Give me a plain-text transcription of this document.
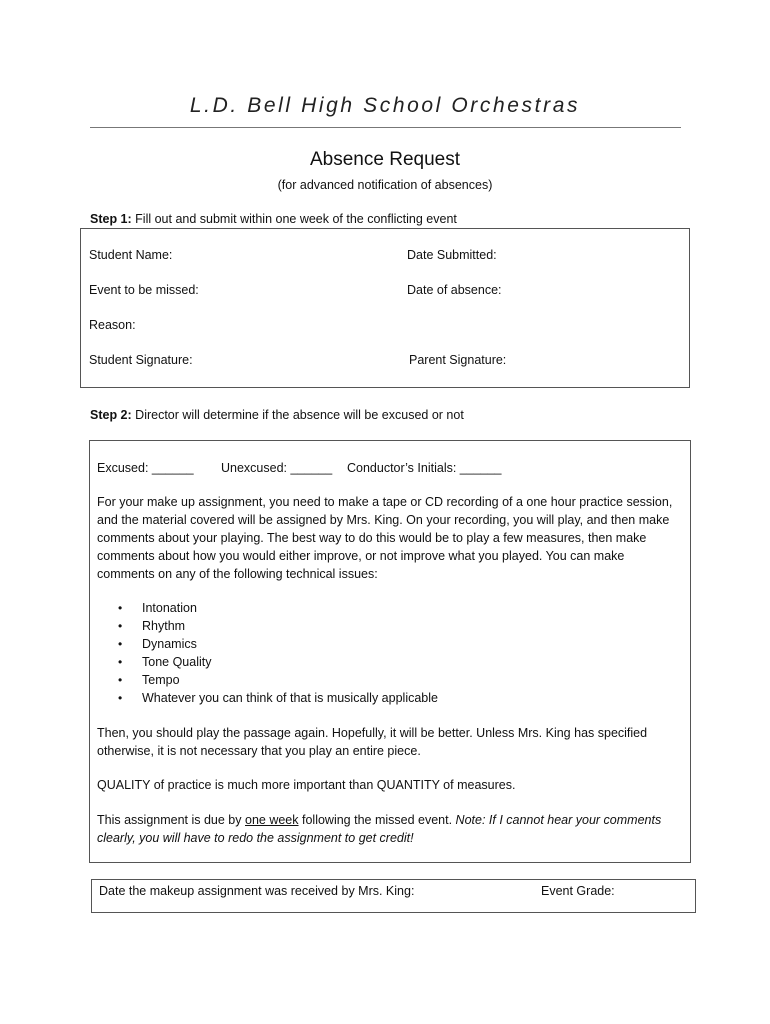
L.D. Bell High School Orchestras
Absence Request
(for advanced notification of absences)
Step 1: Fill out and submit within one week of the conflicting event
Student Name:	Date Submitted:
Event to be missed:	Date of absence:
Reason:
Student Signature:	Parent Signature:
Step 2: Director will determine if the absence will be excused or not
Excused: ______ Unexcused: ______ Conductor’s Initials: ______
For your make up assignment, you need to make a tape or CD recording of a one hour practice session,
and the material covered will be assigned by Mrs. King. On your recording, you will play, and then make
comments about your playing. The best way to do this would be to play a few measures, then make
comments about how you would either improve, or not improve what you played. You can make
comments on any of the following technical issues:
• Intonation
• Rhythm
• Dynamics
• Tone Quality
• Tempo
• Whatever you can think of that is musically applicable
Then, you should play the passage again. Hopefully, it will be better. Unless Mrs. King has specified
otherwise, it is not necessary that you play an entire piece.
QUALITY of practice is much more important than QUANTITY of measures.
This assignment is due by one week following the missed event. Note: If I cannot hear your comments
clearly, you will have to redo the assignment to get credit!
Date the makeup assignment was received by Mrs. King:	Event Grade:
